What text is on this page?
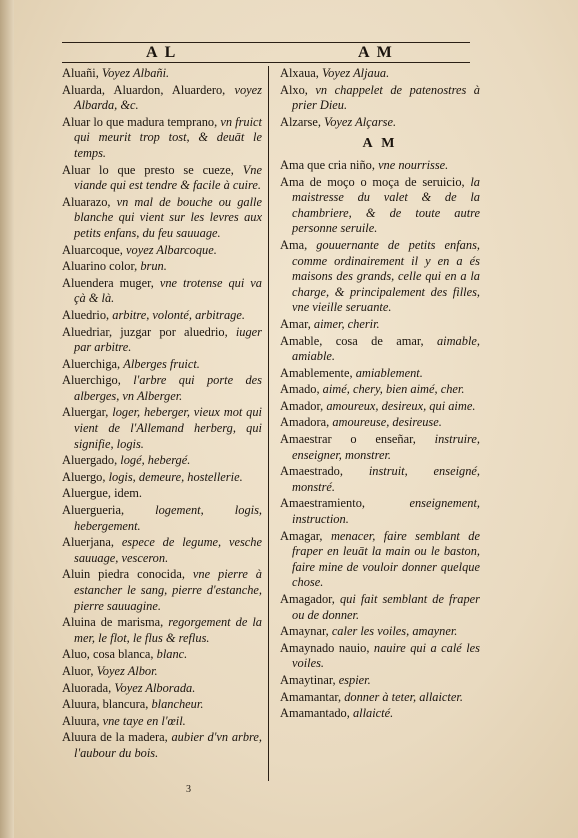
A L	A M
Aluañi, Voyez Albañi.
Aluarda, Aluardon, Aluardero, voyez Albarda, &c.
Aluar lo que madura temprano, vn fruict qui meurit trop tost, & deuāt le temps.
Aluar lo que presto se cueze, Vne viande qui est tendre & facile à cuire.
Aluarazo, vn mal de bouche ou galle blanche qui vient sur les levres aux petits enfans, du feu sauuage.
Aluarcoque, voyez Albarcoque.
Aluarino color, brun.
Aluendera muger, vne trotense qui va çà & là.
Aluedrio, arbitre, volonté, arbitrage.
Aluedriar, juzgar por aluedrio, iuger par arbitre.
Aluerchiga, Alberges fruict.
Aluerchigo, l'arbre qui porte des alberges, vn Alberger.
Aluergar, loger, heberger, vieux mot qui vient de l'Allemand herberg, qui signifie, logis.
Aluergado, logé, hebergé.
Aluergo, logis, demeure, hostellerie.
Aluergue, idem.
Aluergueria, logement, logis, hebergement.
Aluerjana, espece de legume, vesche sauuage, vesceron.
Aluin piedra conocida, vne pierre à estancher le sang, pierre d'estanche, pierre sauuagine.
Aluina de marisma, regorgement de la mer, le flot, le flus & reflus.
Aluo, cosa blanca, blanc.
Aluor, Voyez Albor.
Aluorada, Voyez Alborada.
Aluura, blancura, blancheur.
Aluura, vne taye en l'œil.
Aluura de la madera, aubier d'vn arbre, l'aubour du bois.
Alxaua, Voyez Aljaua.
Alxo, vn chappelet de patenostres à prier Dieu.
Alzarse, Voyez Alçarse.
A M
Ama que cria niño, vne nourrisse.
Ama de moço o moça de seruicio, la maistresse du valet & de la chambriere, & de toute autre personne seruile.
Ama, gouuernante de petits enfans, comme ordinairement il y en a és maisons des grands, celle qui en a la charge, & principalement des filles, vne vieille seruante.
Amar, aimer, cherir.
Amable, cosa de amar, aimable, amiable.
Amablemente, amiablement.
Amado, aimé, chery, bien aimé, cher.
Amador, amoureux, desireux, qui aime.
Amadora, amoureuse, desireuse.
Amaestrar o enseñar, instruire, enseigner, monstrer.
Amaestrado, instruit, enseigné, monstré.
Amaestramiento, enseignement, instruction.
Amagar, menacer, faire semblant de fraper en leuāt la main ou le baston, faire mine de vouloir donner quelque chose.
Amagador, qui fait semblant de fraper ou de donner.
Amaynar, caler les voiles, amayner.
Amaynado nauio, nauire qui a calé les voiles.
Amaytinar, espier.
Amamantar, donner à teter, allaicter.
Amamantado, allaicté.
3
